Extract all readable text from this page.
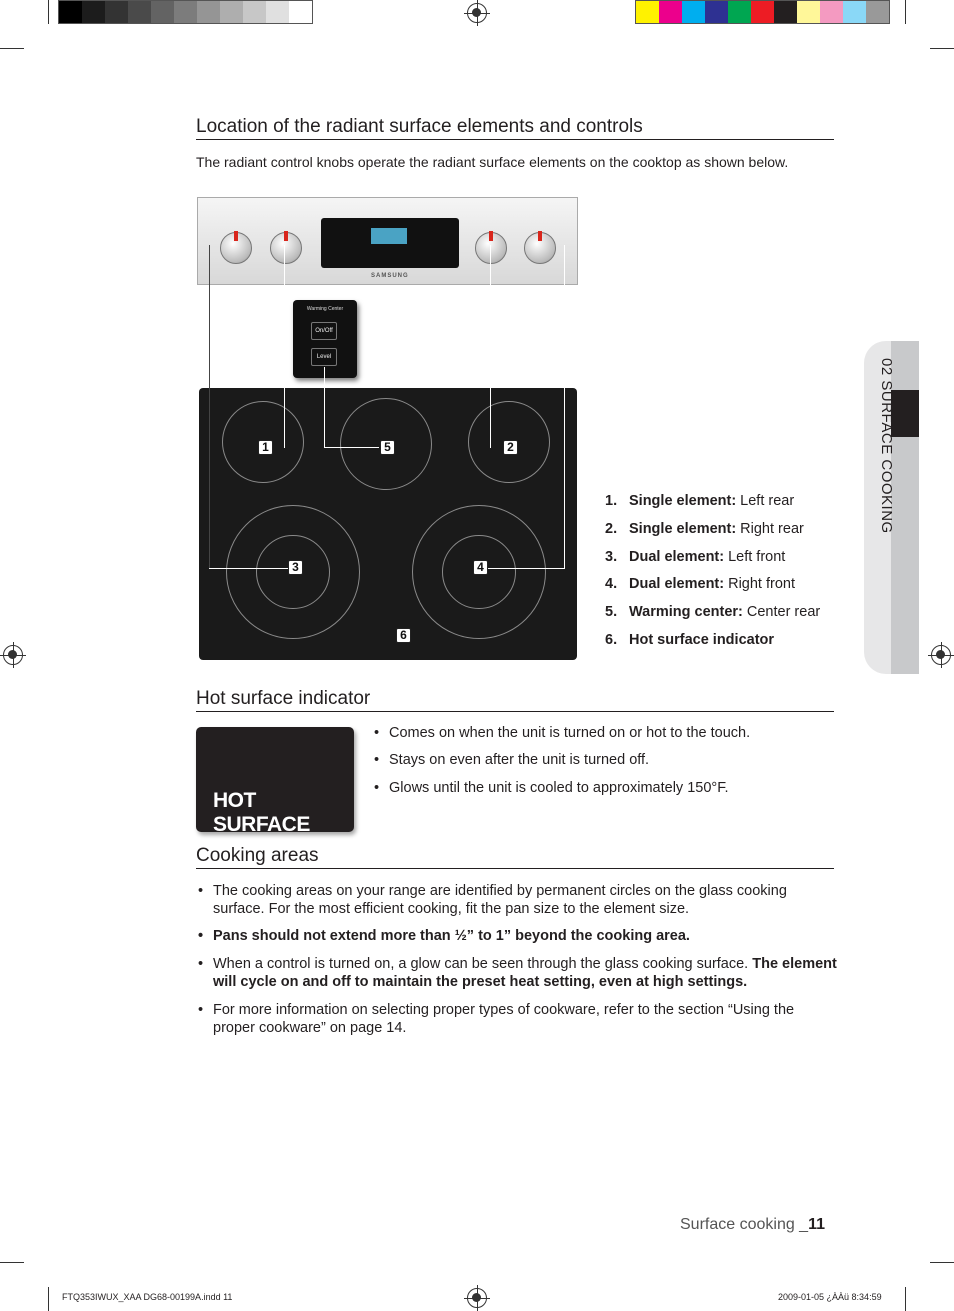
Location of the radiant surface elements and controls
The radiant control knobs operate the radiant surface elements on the cooktop as shown below.
SAMSUNG
Warming Center
On/Off
Level
1	5	2
3	4
6
1. Single element: Left rear
2. Single element: Right rear
3. Dual element: Left front
4. Dual element: Right front
5. Warming center: Center rear
6. Hot surface indicator
02 SURFACE COOKING
Hot surface indicator
HOT SURFACE
• Comes on when the unit is turned on or hot to the touch.
• Stays on even after the unit is turned off.
• Glows until the unit is cooled to approximately 150°F.
Cooking areas
• The cooking areas on your range are identified by permanent circles on the glass cooking surface. For the most efficient cooking, fit the pan size to the element size.
• Pans should not extend more than ½” to 1” beyond the cooking area.
• When a control is turned on, a glow can be seen through the glass cooking surface. The element will cycle on and off to maintain the preset heat setting, even at high settings.
• For more information on selecting proper types of cookware, refer to the section “Using the proper cookware” on page 14.
Surface cooking _11
FTQ353IWUX_XAA DG68-00199A.indd 11	2009-01-05 ¿ÀÀü 8:34:59
